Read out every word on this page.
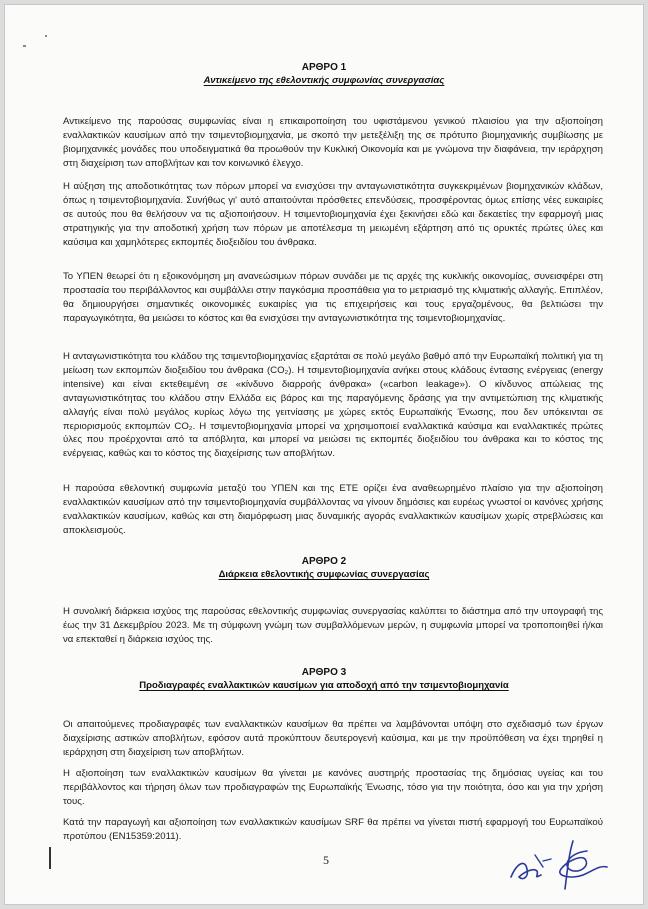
ΑΡΘΡΟ 1
Αντικείμενο της εθελοντικής συμφωνίας συνεργασίας

Αντικείμενο της παρούσας συμφωνίας είναι η επικαιροποίηση του υφιστάμενου γενικού πλαισίου για την αξιοποίηση εναλλακτικών καυσίμων από την τσιμεντοβιομηχανία, με σκοπό την μετεξέλιξη της σε πρότυπο βιομηχανικής συμβίωσης με βιομηχανικές μονάδες που υποδειγματικά θα προωθούν την Κυκλική Οικονομία και με γνώμονα την διαφάνεια, την ιεράρχηση στη διαχείριση των αποβλήτων και τον κοινωνικό έλεγχο.

Η αύξηση της αποδοτικότητας των πόρων μπορεί να ενισχύσει την ανταγωνιστικότητα συγκεκριμένων βιομηχανικών κλάδων, όπως η τσιμεντοβιομηχανία. Συνήθως γι' αυτό απαιτούνται πρόσθετες επενδύσεις, προσφέροντας όμως επίσης νέες ευκαιρίες σε αυτούς που θα θελήσουν να τις αξιοποιήσουν. Η τσιμεντοβιομηχανία έχει ξεκινήσει εδώ και δεκαετίες την εφαρμογή μιας στρατηγικής για την αποδοτική χρήση των πόρων με αποτέλεσμα τη μειωμένη εξάρτηση από τις ορυκτές πρώτες ύλες και καύσιμα και χαμηλότερες εκπομπές διοξειδίου του άνθρακα.

Το ΥΠΕΝ θεωρεί ότι η εξοικονόμηση μη ανανεώσιμων πόρων συνάδει με τις αρχές της κυκλικής οικονομίας, συνεισφέρει στη προστασία του περιβάλλοντος και συμβάλλει στην παγκόσμια προσπάθεια για το μετριασμό της κλιματικής αλλαγής. Επιπλέον, θα δημιουργήσει σημαντικές οικονομικές ευκαιρίες για τις επιχειρήσεις και τους εργαζομένους, θα βελτιώσει την παραγωγικότητα, θα μειώσει το κόστος και θα ενισχύσει την ανταγωνιστικότητα της τσιμεντοβιομηχανίας.

Η ανταγωνιστικότητα του κλάδου της τσιμεντοβιομηχανίας εξαρτάται σε πολύ μεγάλο βαθμό από την Ευρωπαϊκή πολιτική για τη μείωση των εκπομπών διοξειδίου του άνθρακα (CO₂). Η τσιμεντοβιομηχανία ανήκει στους κλάδους έντασης ενέργειας (energy intensive) και είναι εκτεθειμένη σε «κίνδυνο διαρροής άνθρακα» («carbon leakage»). Ο κίνδυνος απώλειας της ανταγωνιστικότητας του κλάδου στην Ελλάδα εις βάρος και της παραγόμενης δράσης για την αντιμετώπιση της κλιματικής αλλαγής είναι πολύ μεγάλος κυρίως λόγω της γειτνίασης με χώρες εκτός Ευρωπαϊκής Ένωσης, που δεν υπόκεινται σε περιορισμούς εκπομπών CO₂. Η τσιμεντοβιομηχανία μπορεί να χρησιμοποιεί εναλλακτικά καύσιμα και εναλλακτικές πρώτες ύλες που προέρχονται από τα απόβλητα, και μπορεί να μειώσει τις εκπομπές διοξειδίου του άνθρακα και το κόστος της ενέργειας, καθώς και το κόστος της διαχείρισης των αποβλήτων.

Η παρούσα εθελοντική συμφωνία μεταξύ του ΥΠΕΝ και της ΕΤΕ ορίζει ένα αναθεωρημένο πλαίσιο για την αξιοποίηση εναλλακτικών καυσίμων από την τσιμεντοβιομηχανία συμβάλλοντας να γίνουν δημόσιες και ευρέως γνωστοί οι κανόνες χρήσης εναλλακτικών καυσίμων, καθώς και στη διαμόρφωση μιας δυναμικής αγοράς εναλλακτικών καυσίμων χωρίς στρεβλώσεις και αποκλεισμούς.

ΑΡΘΡΟ 2
Διάρκεια εθελοντικής συμφωνίας συνεργασίας

Η συνολική διάρκεια ισχύος της παρούσας εθελοντικής συμφωνίας συνεργασίας καλύπτει το διάστημα από την υπογραφή της έως την 31 Δεκεμβρίου 2023. Με τη σύμφωνη γνώμη των συμβαλλόμενων μερών, η συμφωνία μπορεί να τροποποιηθεί ή/και να επεκταθεί η διάρκεια ισχύος της.

ΑΡΘΡΟ 3
Προδιαγραφές εναλλακτικών καυσίμων για αποδοχή από την τσιμεντοβιομηχανία

Οι απαιτούμενες προδιαγραφές των εναλλακτικών καυσίμων θα πρέπει να λαμβάνονται υπόψη στο σχεδιασμό των έργων διαχείρισης αστικών αποβλήτων, εφόσον αυτά προκύπτουν δευτερογενή καύσιμα, και με την προϋπόθεση να έχει τηρηθεί η ιεράρχηση στη διαχείριση των αποβλήτων.

Η αξιοποίηση των εναλλακτικών καυσίμων θα γίνεται με κανόνες αυστηρής προστασίας της δημόσιας υγείας και του περιβάλλοντος και τήρηση όλων των προδιαγραφών της Ευρωπαϊκής Ένωσης, τόσο για την ποιότητα, όσο και για την χρήση τους.

Κατά την παραγωγή και αξιοποίηση των εναλλακτικών καυσίμων SRF θα πρέπει να γίνεται πιστή εφαρμογή του Ευρωπαϊκού προτύπου (EN15359:2011).

5
